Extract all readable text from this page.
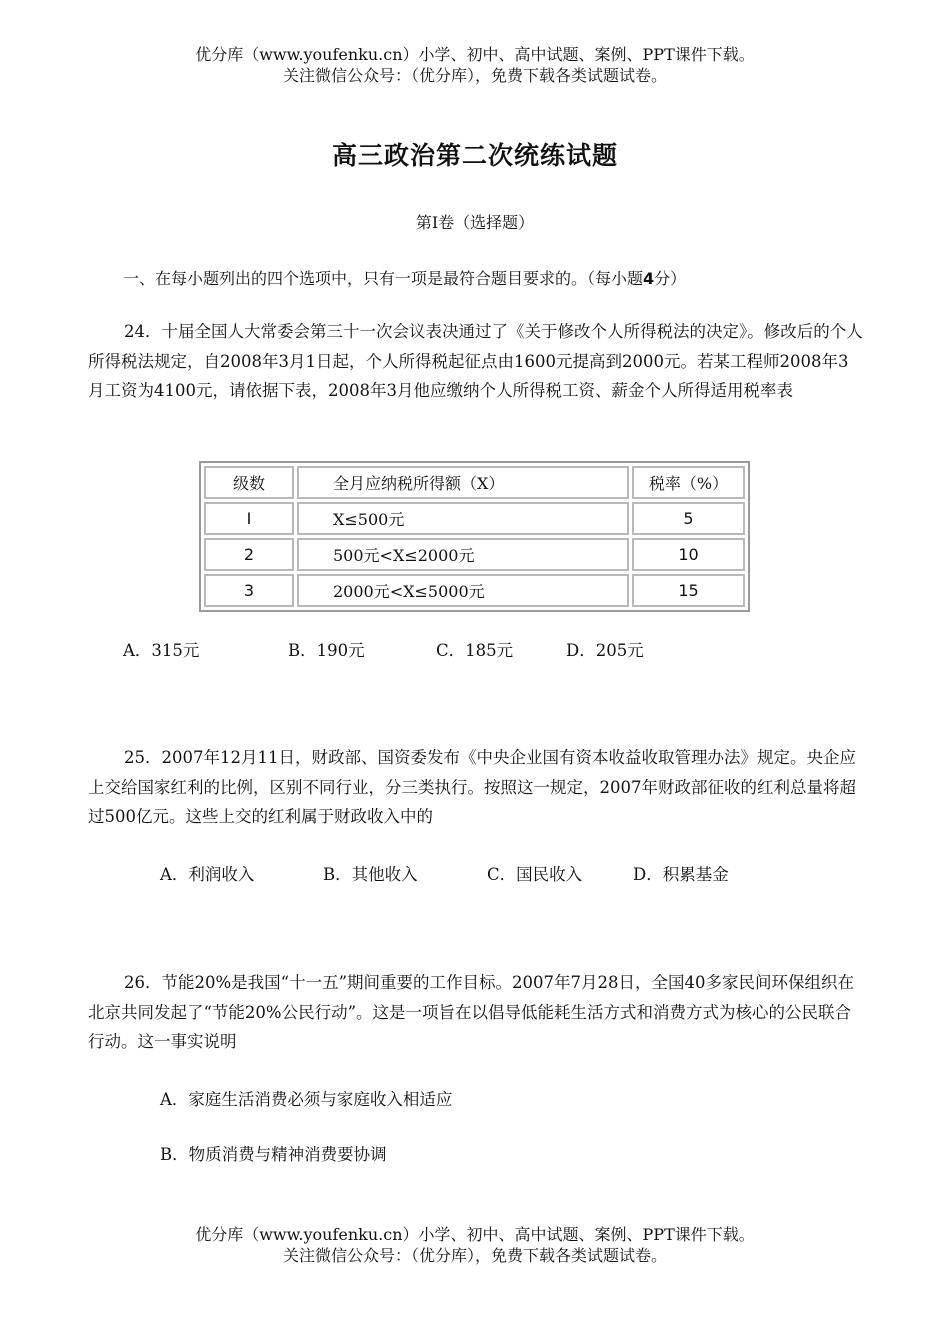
优分库（www.youfenku.cn）小学、初中、高中试题、案例、PPT课件下载。
关注微信公众号：（优分库），免费下载各类试题试卷。
高三政治第二次统练试题
第Ⅰ卷（选择题）
一、在每小题列出的四个选项中，只有一项是最符合题目要求的。（每小题4分）
24．十届全国人大常委会第三十一次会议表决通过了《关于修改个人所得税法的决定》。修改后的个人所得税法规定，自2008年3月1日起，个人所得税起征点由1600元提高到2000元。若某工程师2008年3月工资为4100元，请依据下表，2008年3月他应缴纳个人所得税工资、薪金个人所得适用税率表
级数	全月应纳税所得额（X）	税率（%）
I	X≤500元	5
2	500元<X≤2000元	10
3	2000元<X≤5000元	15
A．315元	B．190元	C．185元	D．205元
25．2007年12月11日，财政部、国资委发布《中央企业国有资本收益收取管理办法》规定。央企应上交给国家红利的比例，区别不同行业，分三类执行。按照这一规定，2007年财政部征收的红利总量将超过500亿元。这些上交的红利属于财政收入中的
A．利润收入	B．其他收入	C．国民收入	D．积累基金
26．节能20%是我国“十一五”期间重要的工作目标。2007年7月28日，全国40多家民间环保组织在北京共同发起了“节能20%公民行动”。这是一项旨在以倡导低能耗生活方式和消费方式为核心的公民联合行动。这一事实说明
A．家庭生活消费必须与家庭收入相适应
B．物质消费与精神消费要协调
优分库（www.youfenku.cn）小学、初中、高中试题、案例、PPT课件下载。
关注微信公众号：（优分库），免费下载各类试题试卷。
